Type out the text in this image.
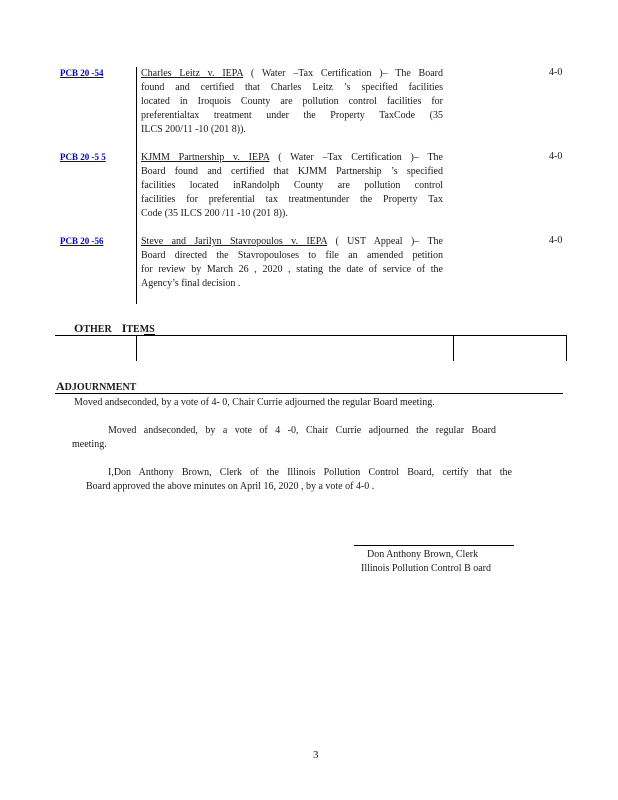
PCB 20 -54	Charles Leitz v. IEPA ( Water –Tax Certification )– The Board
found and certified that Charles Leitz ’s specified facilities
located in Iroquois County are pollution control facilities for
preferentialtax treatment under the Property TaxCode (35
ILCS 200/11 -10 (201 8)).
4-0
PCB 20 -5 5	KJMM Partnership v. IEPA ( Water –Tax Certification )– The
Board found and certified that KJMM Partnership ’s specified
facilities located inRandolph County are pollution control
facilities for preferential tax treatmentunder the Property Tax
Code (35 ILCS 200 /11 -10 (201 8)).
4-0
PCB 20 -56	Steve and Jarilyn Stavropoulos v. IEPA ( UST Appeal )– The
Board directed the Stavropouloses to file an amended petition
for review by March 26 , 2020 , stating the date of service of the
Agency’s final decision .
4-0
OTHER ITEMS
ADJOURNMENT
Moved andseconded, by a vote of 4- 0, Chair Currie adjourned the regular Board meeting.
Moved andseconded, by a vote of 4 -0, Chair Currie adjourned the regular Board
meeting.
I,Don Anthony Brown, Clerk of the Illinois Pollution Control Board, certify that the
Board approved the above minutes on April 16, 2020 , by a vote of 4-0 .
Don Anthony Brown, Clerk
Illinois Pollution Control B oard
3
